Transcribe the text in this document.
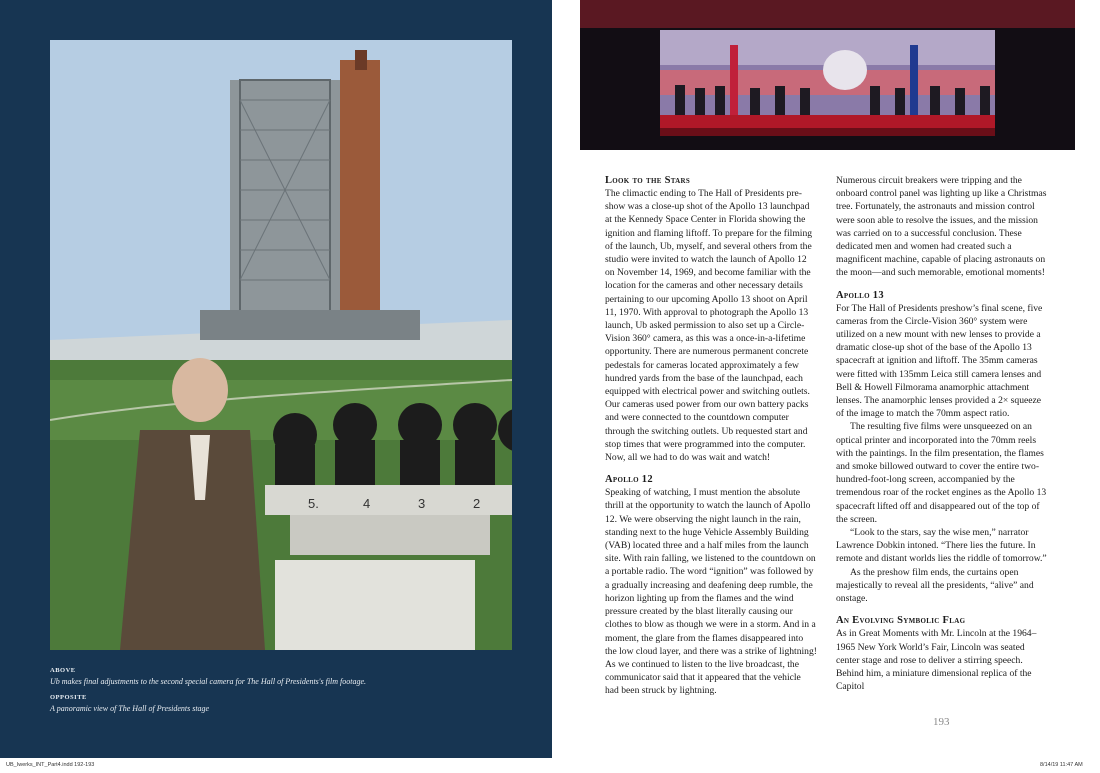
5.	4	3	2
ABOVE
Ub makes final adjustments to the second special camera for The Hall of Presidents's film footage.
OPPOSITE
A panoramic view of The Hall of Presidents stage
Look to the Stars

The climactic ending to The Hall of Presidents pre-show was a close-up shot of the Apollo 13 launchpad at the Kennedy Space Center in Florida showing the ignition and flaming liftoff. To prepare for the filming of the launch, Ub, myself, and several others from the studio were invited to watch the launch of Apollo 12 on November 14, 1969, and become familiar with the location for the cameras and other necessary details pertaining to our upcoming Apollo 13 shoot on April 11, 1970. With approval to photograph the Apollo 13 launch, Ub asked permission to also set up a Circle-Vision 360° camera, as this was a once-in-a-lifetime opportunity. There are numerous permanent concrete pedestals for cameras located approximately a few hundred yards from the base of the launchpad, each equipped with electrical power and switching outlets. Our cameras used power from our own battery packs and were connected to the countdown computer through the switching outlets. Ub requested start and stop times that were programmed into the computer. Now, all we had to do was wait and watch!

Apollo 12

Speaking of watching, I must mention the absolute thrill at the opportunity to watch the launch of Apollo 12. We were observing the night launch in the rain, standing next to the huge Vehicle Assembly Building (VAB) located three and a half miles from the launch site. With rain falling, we listened to the countdown on a portable radio. The word “ignition” was followed by a gradually increasing and deafening deep rumble, the horizon lighting up from the flames and the wind pressure created by the blast literally causing our clothes to blow as though we were in a storm. And in a moment, the glare from the flames disappeared into the low cloud layer, and there was a strike of lightning! As we continued to listen to the live broadcast, the communicator said that it appeared that the vehicle had been struck by lightning.

Numerous circuit breakers were tripping and the onboard control panel was lighting up like a Christmas tree. Fortunately, the astronauts and mission control were soon able to resolve the issues, and the mission was carried on to a successful conclusion. These dedicated men and women had created such a magnificent machine, capable of placing astronauts on the moon—and such memorable, emotional moments!

Apollo 13

For The Hall of Presidents preshow’s final scene, five cameras from the Circle-Vision 360° system were utilized on a new mount with new lenses to provide a dramatic close-up shot of the base of the Apollo 13 spacecraft at ignition and liftoff. The 35mm cameras were fitted with 135mm Leica still camera lenses and Bell & Howell Filmorama anamorphic attachment lenses. The anamorphic lenses provided a 2× squeeze of the image to match the 70mm aspect ratio.

The resulting five films were unsqueezed on an optical printer and incorporated into the 70mm reels with the paintings. In the film presentation, the flames and smoke billowed outward to cover the entire two-hundred-foot-long screen, accompanied by the tremendous roar of the rocket engines as the Apollo 13 spacecraft lifted off and disappeared out of the top of the screen.

“Look to the stars, say the wise men,” narrator Lawrence Dobkin intoned. “There lies the future. In remote and distant worlds lies the riddle of tomorrow.”

As the preshow film ends, the curtains open majestically to reveal all the presidents, “alive” and onstage.

An Evolving Symbolic Flag

As in Great Moments with Mr. Lincoln at the 1964–1965 New York World’s Fair, Lincoln was seated center stage and rose to deliver a stirring speech. Behind him, a miniature dimensional replica of the Capitol

193
UB_Iwerks_INT_Part4.indd 192-193	8/14/19 11:47 AM
